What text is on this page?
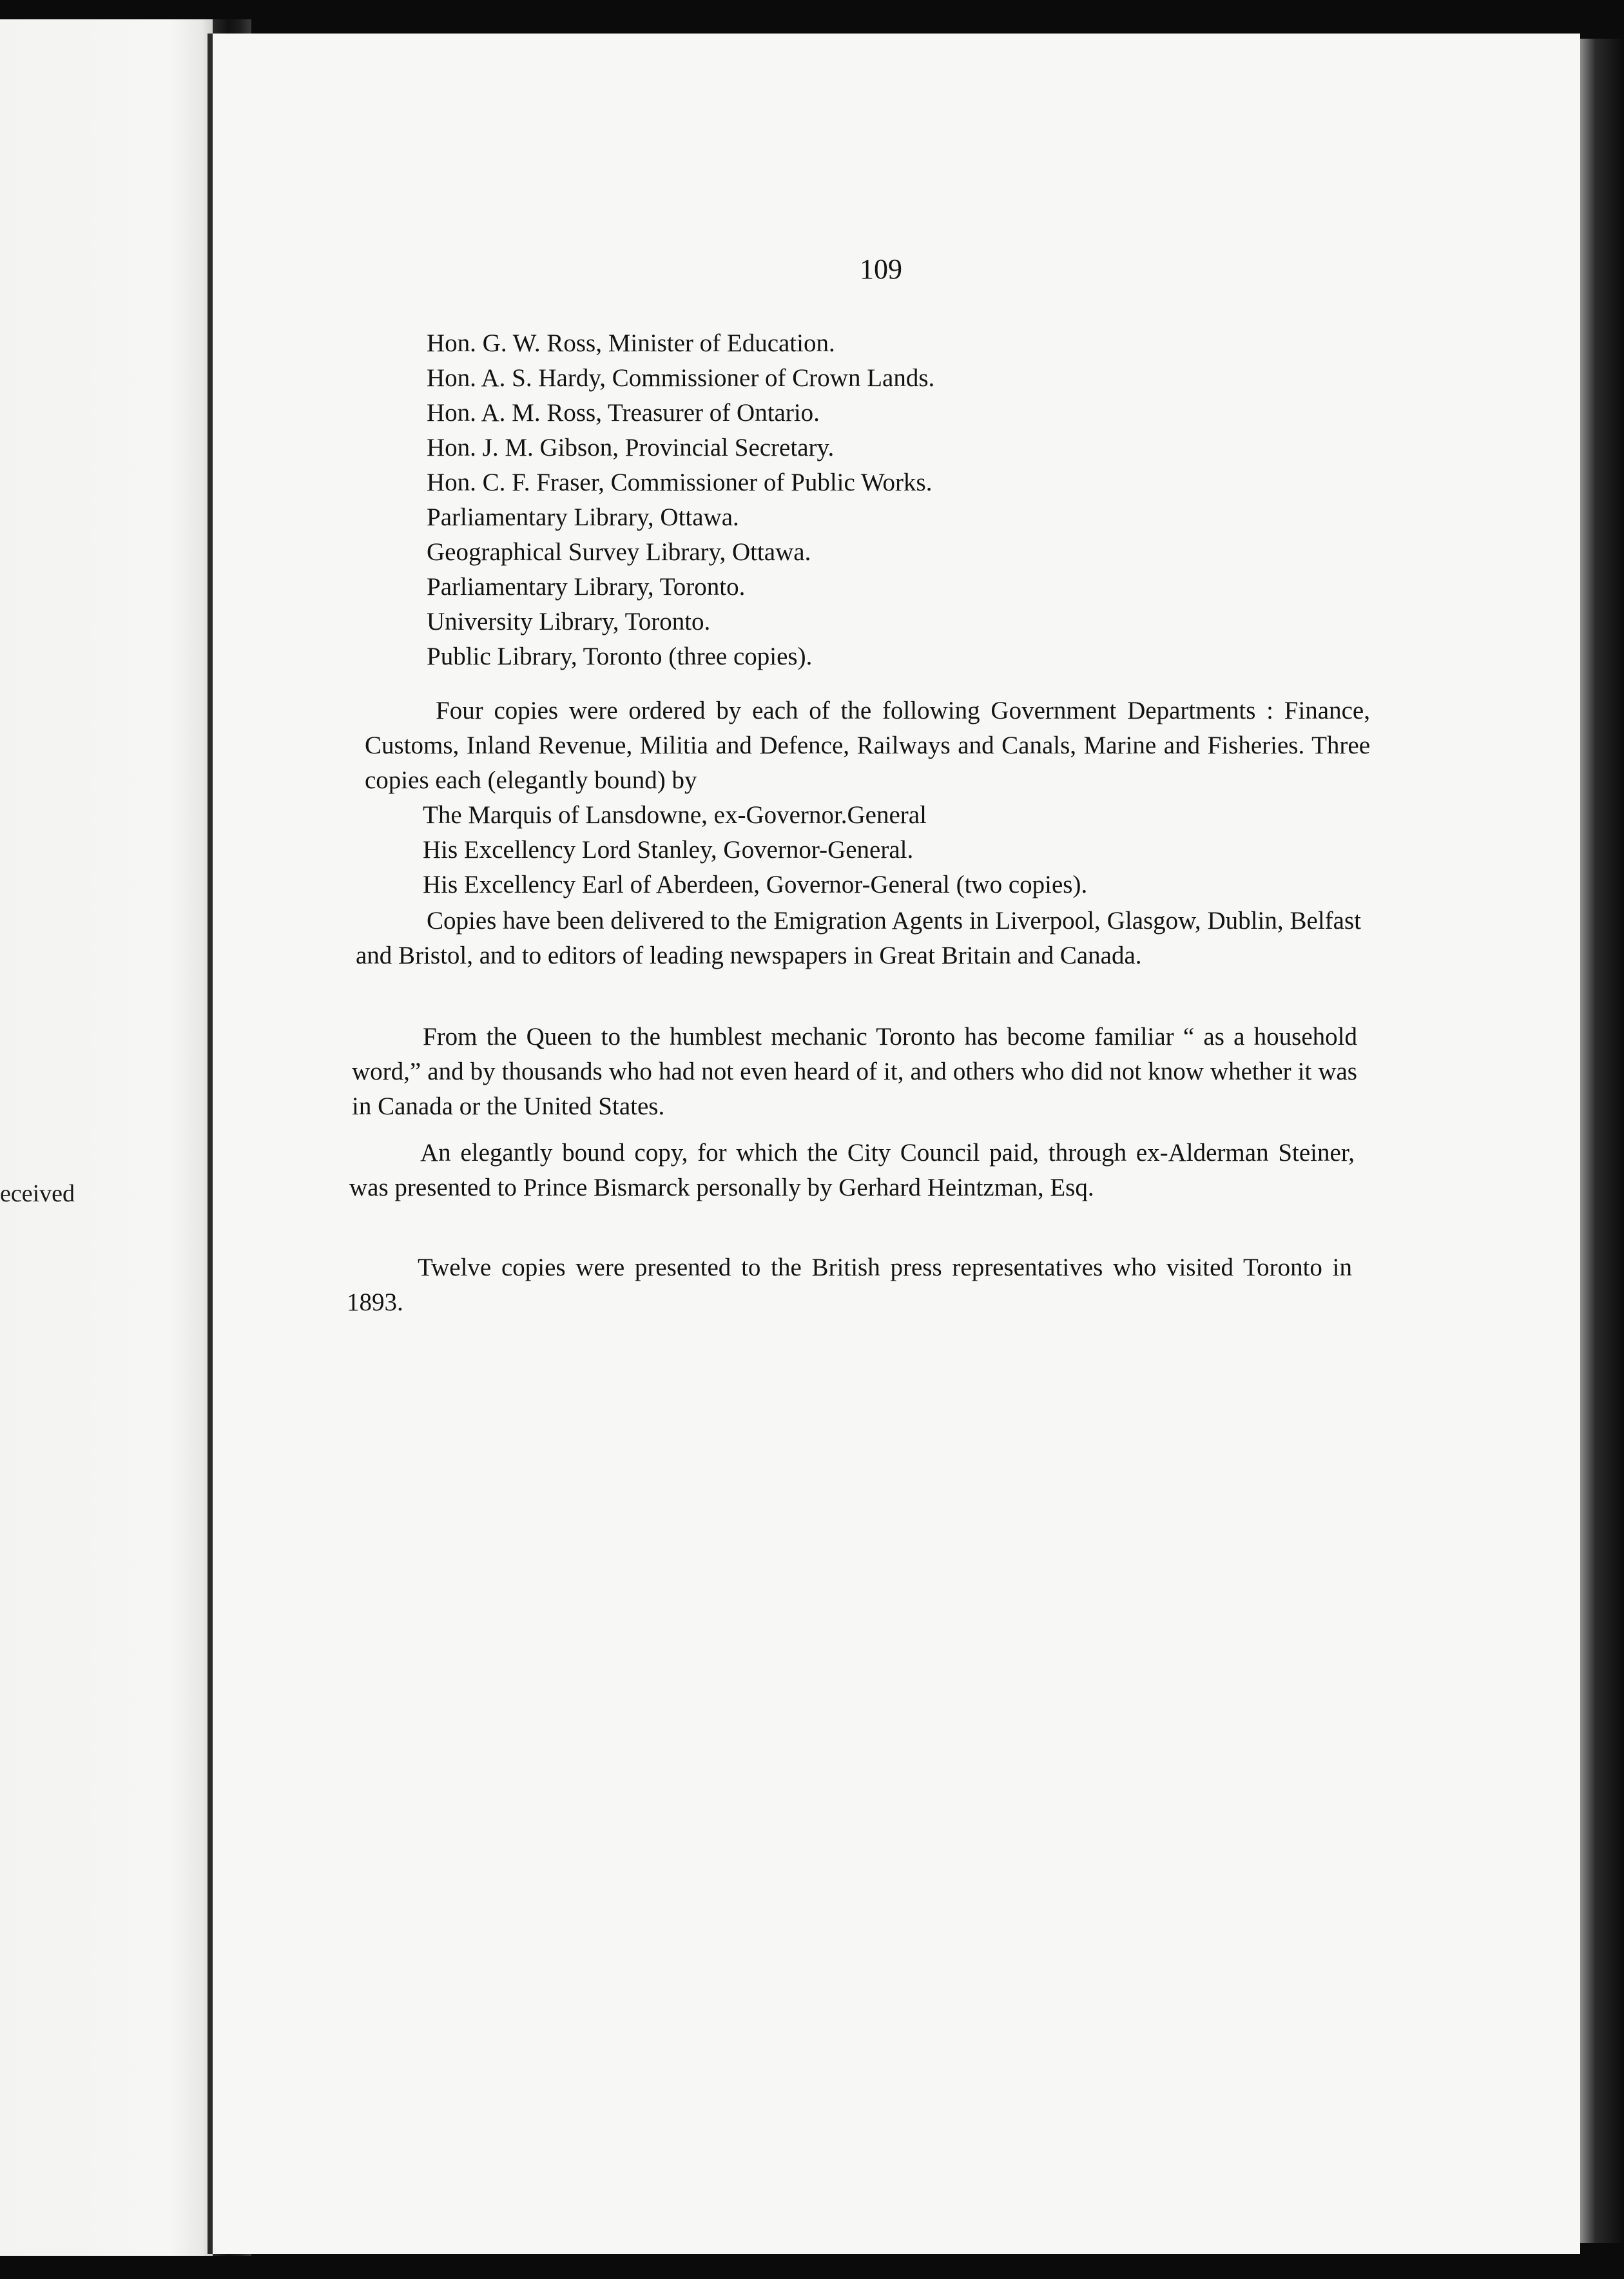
eceived
109
Hon. G. W. Ross, Minister of Education.
Hon. A. S. Hardy, Commissioner of Crown Lands.
Hon. A. M. Ross, Treasurer of Ontario.
Hon. J. M. Gibson, Provincial Secretary.
Hon. C. F. Fraser, Commissioner of Public Works.
Parliamentary Library, Ottawa.
Geographical Survey Library, Ottawa.
Parliamentary Library, Toronto.
University Library, Toronto.
Public Library, Toronto (three copies).

Four copies were ordered by each of the following Government Departments : Finance, Customs, Inland Revenue, Militia and Defence, Railways and Canals, Marine and Fisheries. Three copies each (elegantly bound) by

The Marquis of Lansdowne, ex-Governor.General
His Excellency Lord Stanley, Governor-General.
His Excellency Earl of Aberdeen, Governor-General (two copies).

Copies have been delivered to the Emigration Agents in Liverpool, Glasgow, Dublin, Belfast and Bristol, and to editors of leading newspapers in Great Britain and Canada.

From the Queen to the humblest mechanic Toronto has become familiar “ as a household word,” and by thousands who had not even heard of it, and others who did not know whether it was in Canada or the United States.

An elegantly bound copy, for which the City Council paid, through ex-Alderman Steiner, was presented to Prince Bismarck personally by Gerhard Heintzman, Esq.

Twelve copies were presented to the British press representatives who visited Toronto in 1893.
